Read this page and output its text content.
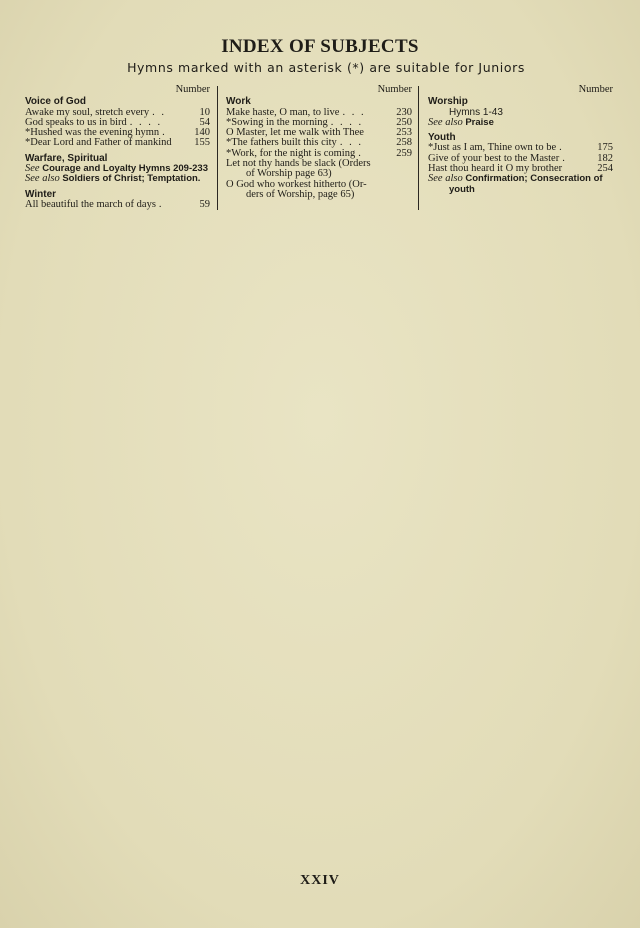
INDEX OF SUBJECTS
Hymns marked with an asterisk (*) are suitable for Juniors
Number
Voice of God
Awake my soul, stretch every . .	10
God speaks to us in bird . . . .	54
*Hushed was the evening hymn .	140
*Dear Lord and Father of mankind	155
Warfare, Spiritual
See Courage and Loyalty Hymns 209-233
See also Soldiers of Christ; Temptation.
Winter
All beautiful the march of days .	59
Number
Work
Make haste, O man, to live . . .	230
*Sowing in the morning . . . .	250
O Master, let me walk with Thee	253
*The fathers built this city . . .	258
*Work, for the night is coming .	259
Let not thy hands be slack (Orders
of Worship page 63)
O God who workest hitherto (Or-
ders of Worship, page 65)
Number
Worship
Hymns 1-43
See also Praise
Youth
*Just as I am, Thine own to be .	175
Give of your best to the Master .	182
Hast thou heard it O my brother	254
See also Confirmation; Consecration of
youth
XXIV
